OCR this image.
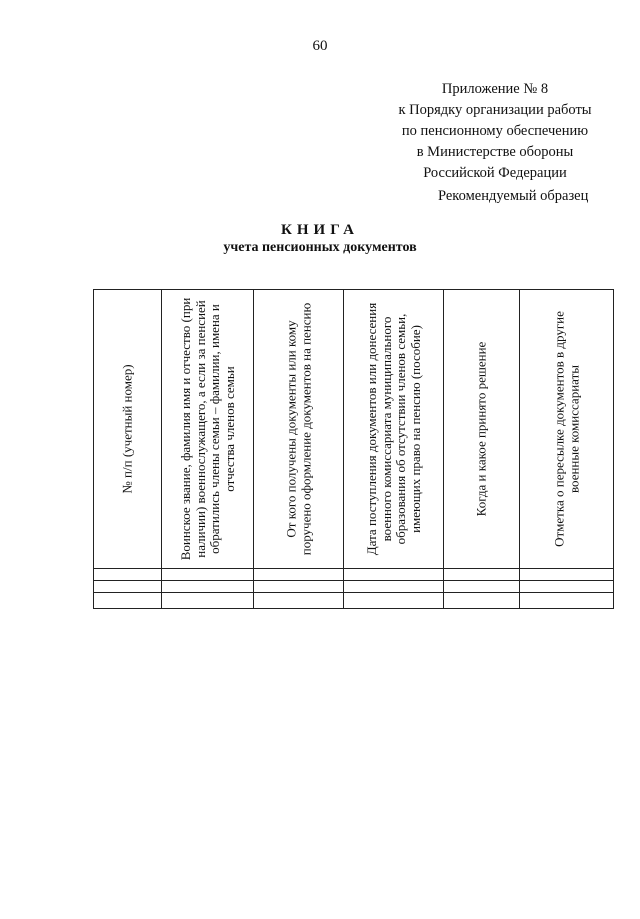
60
Приложение № 8
к Порядку организации работы
по пенсионному обеспечению
в Министерстве обороны
Российской Федерации
Рекомендуемый образец
КНИГА
учета пенсионных документов
№ п/п (учетный номер)	Воинское звание, фамилия имя и отчество (при наличии) военнослужащего, а если за пенсией обратились члены семьи – фамилии, имена и отчества членов семьи	От кого получены документы или кому поручено оформление документов на пенсию	Дата поступления документов или донесения военного комиссариата муниципального образования об отсутствии членов семьи, имеющих право на пенсию (пособие)	Когда и какое принято решение	Отметка о пересылке документов в другие военные комиссариаты
